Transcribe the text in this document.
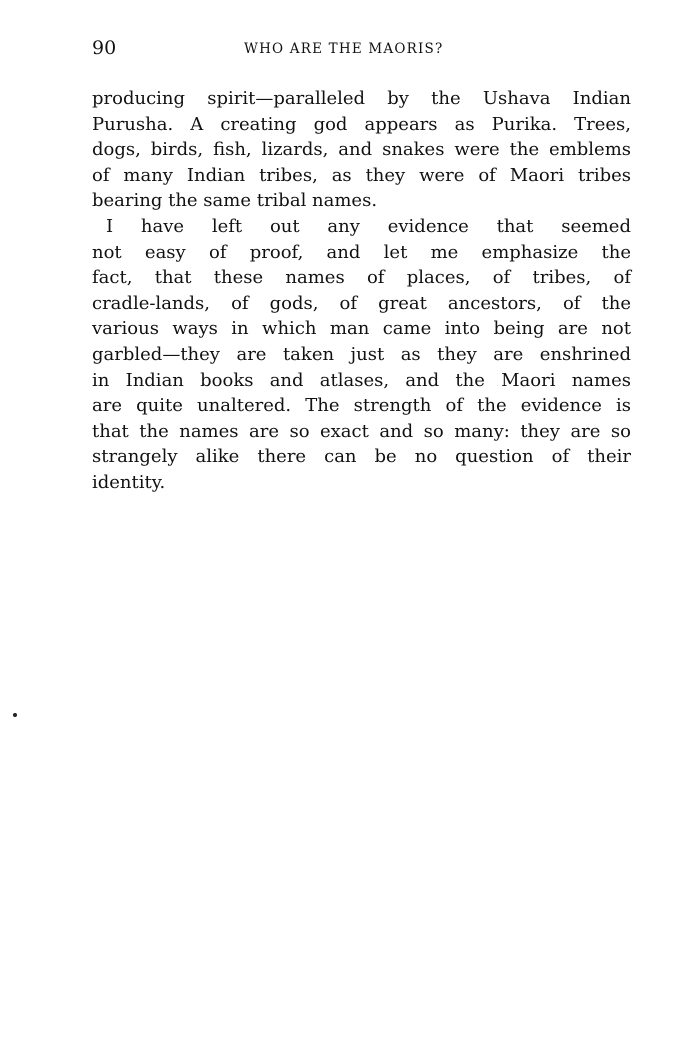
90	WHO ARE THE MAORIS?
producing spirit—paralleled by the Ushava Indian
Purusha. A creating god appears as Purika. Trees,
dogs, birds, fish, lizards, and snakes were the emblems
of many Indian tribes, as they were of Maori tribes
bearing the same tribal names.
I have left out any evidence that seemed
not easy of proof, and let me emphasize the
fact, that these names of places, of tribes, of
cradle-lands, of gods, of great ancestors, of the
various ways in which man came into being are not
garbled—they are taken just as they are enshrined
in Indian books and atlases, and the Maori names
are quite unaltered. The strength of the evidence is
that the names are so exact and so many: they are so
strangely alike there can be no question of their
identity.
